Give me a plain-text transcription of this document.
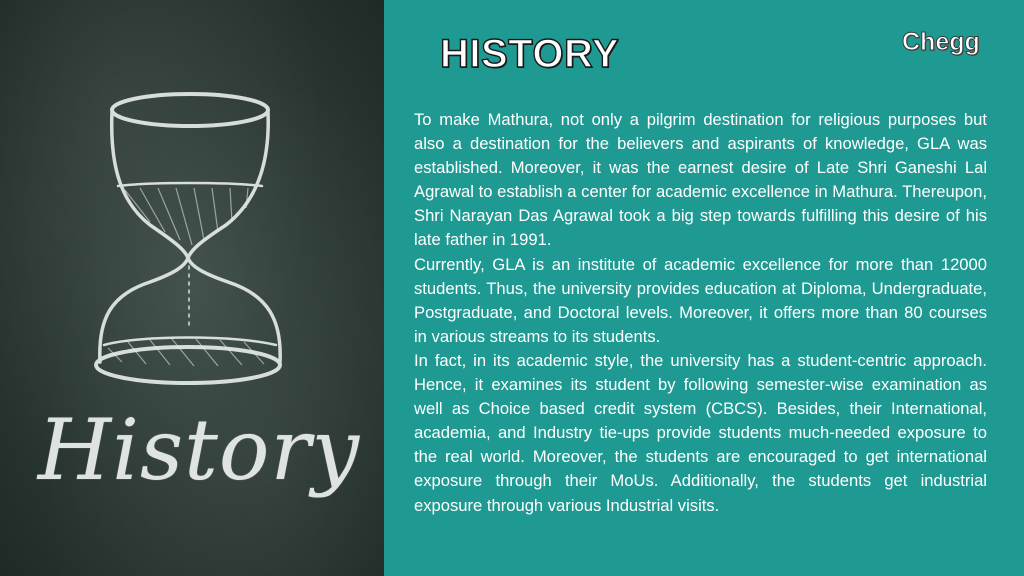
History
HISTORY	Chegg

To make Mathura, not only a pilgrim destination for religious purposes but also a destination for the believers and aspirants of knowledge, GLA was established. Moreover, it was the earnest desire of Late Shri Ganeshi Lal Agrawal to establish a center for academic excellence in Mathura. Thereupon, Shri Narayan Das Agrawal took a big step towards fulfilling this desire of his late father in 1991.

Currently, GLA is an institute of academic excellence for more than 12000 students. Thus, the university provides education at Diploma, Undergraduate, Postgraduate, and Doctoral levels. Moreover, it offers more than 80 courses in various streams to its students.

In fact, in its academic style, the university has a student-centric approach. Hence, it examines its student by following semester-wise examination as well as Choice based credit system (CBCS). Besides, their International, academia, and Industry tie-ups provide students much-needed exposure to the real world. Moreover, the students are encouraged to get international exposure through their MoUs. Additionally, the students get industrial exposure through various Industrial visits.
